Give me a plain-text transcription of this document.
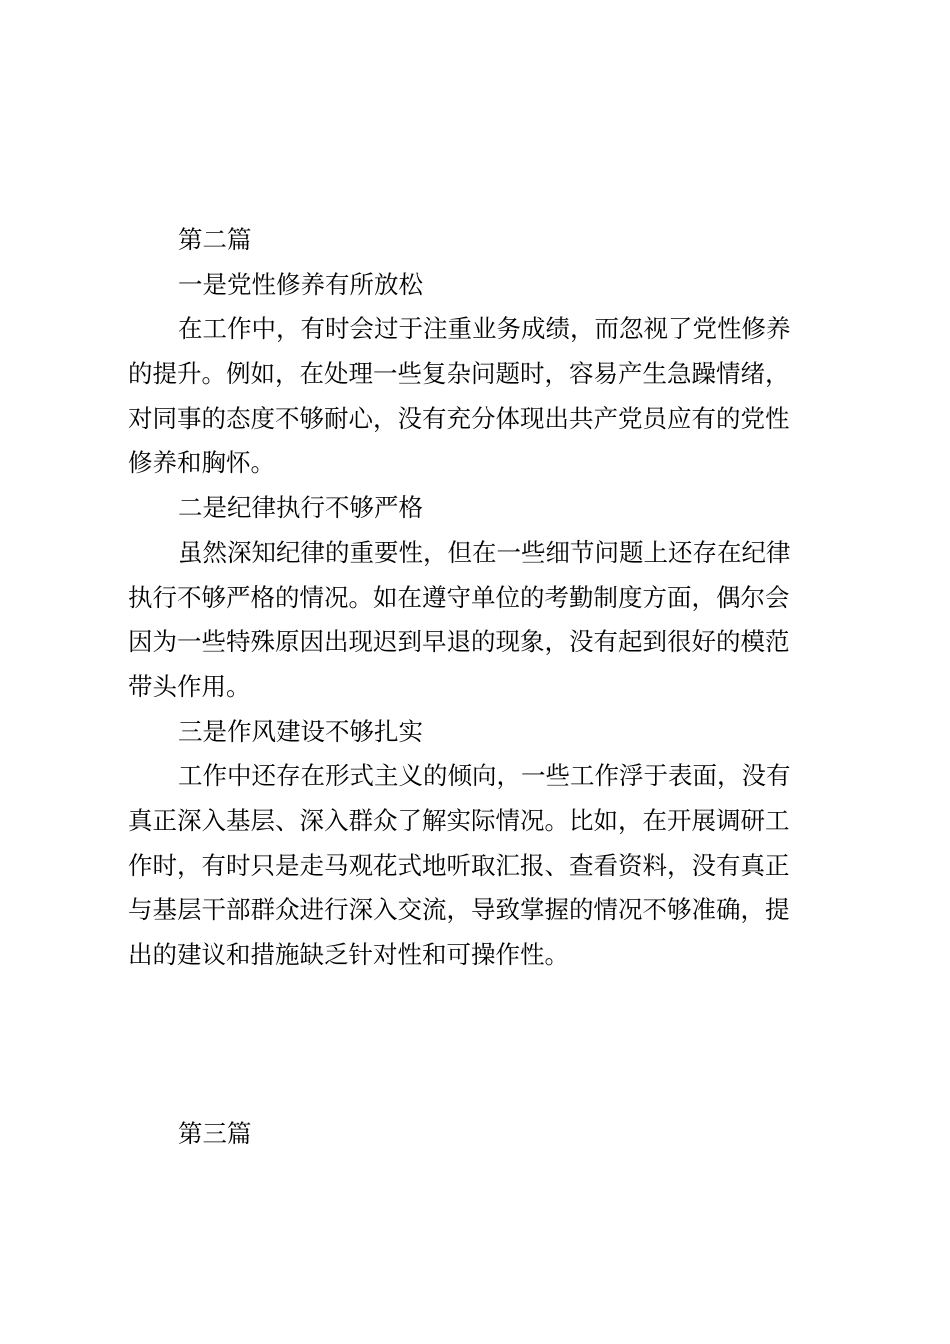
第二篇

一是党性修养有所放松

在工作中，有时会过于注重业务成绩，而忽视了党性修养

的提升。例如，在处理一些复杂问题时，容易产生急躁情绪，

对同事的态度不够耐心，没有充分体现出共产党员应有的党性

修养和胸怀。

二是纪律执行不够严格

虽然深知纪律的重要性，但在一些细节问题上还存在纪律

执行不够严格的情况。如在遵守单位的考勤制度方面，偶尔会

因为一些特殊原因出现迟到早退的现象，没有起到很好的模范

带头作用。

三是作风建设不够扎实

工作中还存在形式主义的倾向，一些工作浮于表面，没有

真正深入基层、深入群众了解实际情况。比如，在开展调研工

作时，有时只是走马观花式地听取汇报、查看资料，没有真正

与基层干部群众进行深入交流，导致掌握的情况不够准确，提

出的建议和措施缺乏针对性和可操作性。

第三篇
